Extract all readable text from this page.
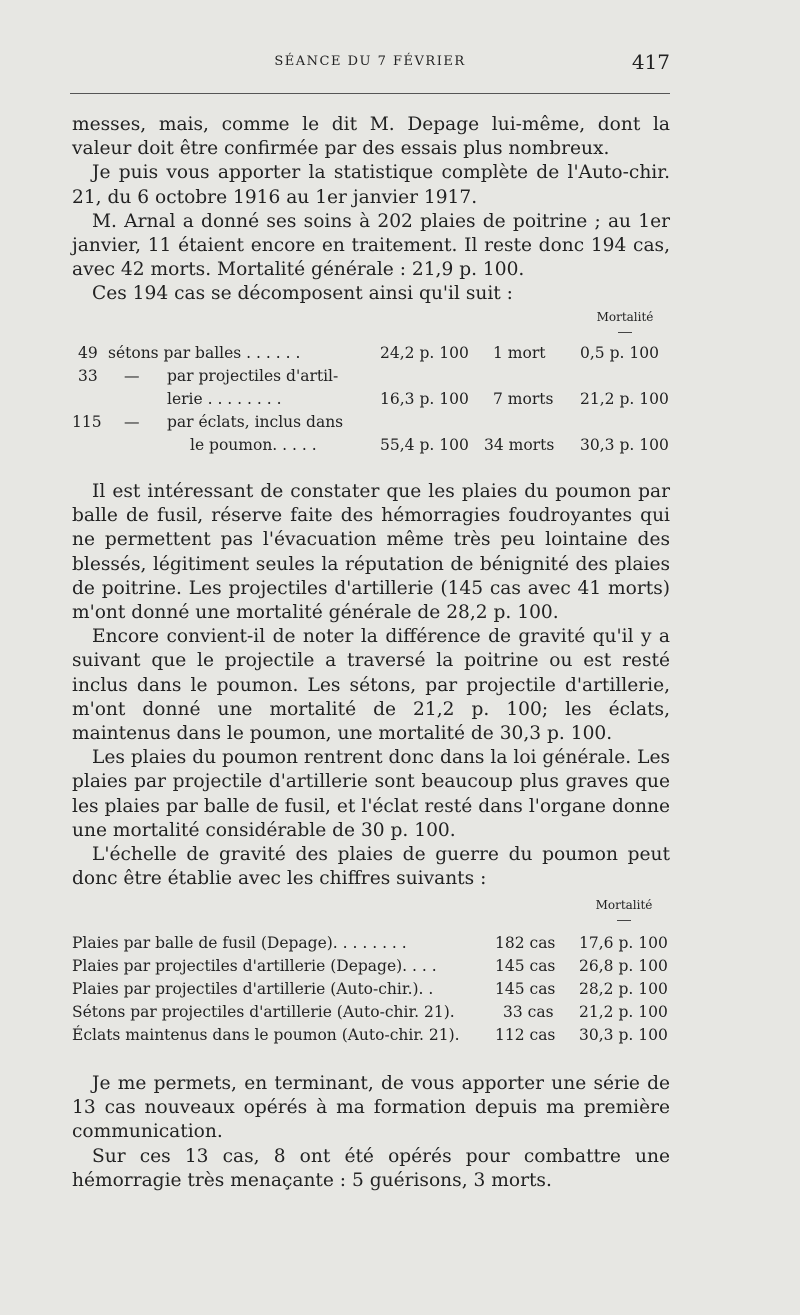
SÉANCE DU 7 FÉVRIER	417

messes, mais, comme le dit M. Depage lui-même, dont la valeur doit être confirmée par des essais plus nombreux.

Je puis vous apporter la statistique complète de l'Auto-chir. 21, du 6 octobre 1916 au 1er janvier 1917.

M. Arnal a donné ses soins à 202 plaies de poitrine ; au 1er janvier, 11 étaient encore en traitement. Il reste donc 194 cas, avec 42 morts. Mortalité générale : 21,9 p. 100.

Ces 194 cas se décomposent ainsi qu'il suit :

Mortalité
49 sétons par balles . . . . . .	24,2 p. 100 1 mort 0,5 p. 100
33 — par projectiles d'artil-
lerie . . . . . . . .	16,3 p. 100 7 morts 21,2 p. 100
115 — par éclats, inclus dans
le poumon. . . . .	55,4 p. 100 34 morts 30,3 p. 100

Il est intéressant de constater que les plaies du poumon par balle de fusil, réserve faite des hémorragies foudroyantes qui ne permettent pas l'évacuation même très peu lointaine des blessés, légitiment seules la réputation de bénignité des plaies de poitrine. Les projectiles d'artillerie (145 cas avec 41 morts) m'ont donné une mortalité générale de 28,2 p. 100.

Encore convient-il de noter la différence de gravité qu'il y a suivant que le projectile a traversé la poitrine ou est resté inclus dans le poumon. Les sétons, par projectile d'artillerie, m'ont donné une mortalité de 21,2 p. 100; les éclats, maintenus dans le poumon, une mortalité de 30,3 p. 100.

Les plaies du poumon rentrent donc dans la loi générale. Les plaies par projectile d'artillerie sont beaucoup plus graves que les plaies par balle de fusil, et l'éclat resté dans l'organe donne une mortalité considérable de 30 p. 100.

L'échelle de gravité des plaies de guerre du poumon peut donc être établie avec les chiffres suivants :

Mortalité
Plaies par balle de fusil (Depage). . . . . . . .	182 cas 17,6 p. 100
Plaies par projectiles d'artillerie (Depage). . . .	145 cas 26,8 p. 100
Plaies par projectiles d'artillerie (Auto-chir.). .	145 cas 28,2 p. 100
Sétons par projectiles d'artillerie (Auto-chir. 21).	33 cas 21,2 p. 100
Éclats maintenus dans le poumon (Auto-chir. 21). 112 cas 30,3 p. 100

Je me permets, en terminant, de vous apporter une série de 13 cas nouveaux opérés à ma formation depuis ma première communication.

Sur ces 13 cas, 8 ont été opérés pour combattre une hémorragie très menaçante : 5 guérisons, 3 morts.
